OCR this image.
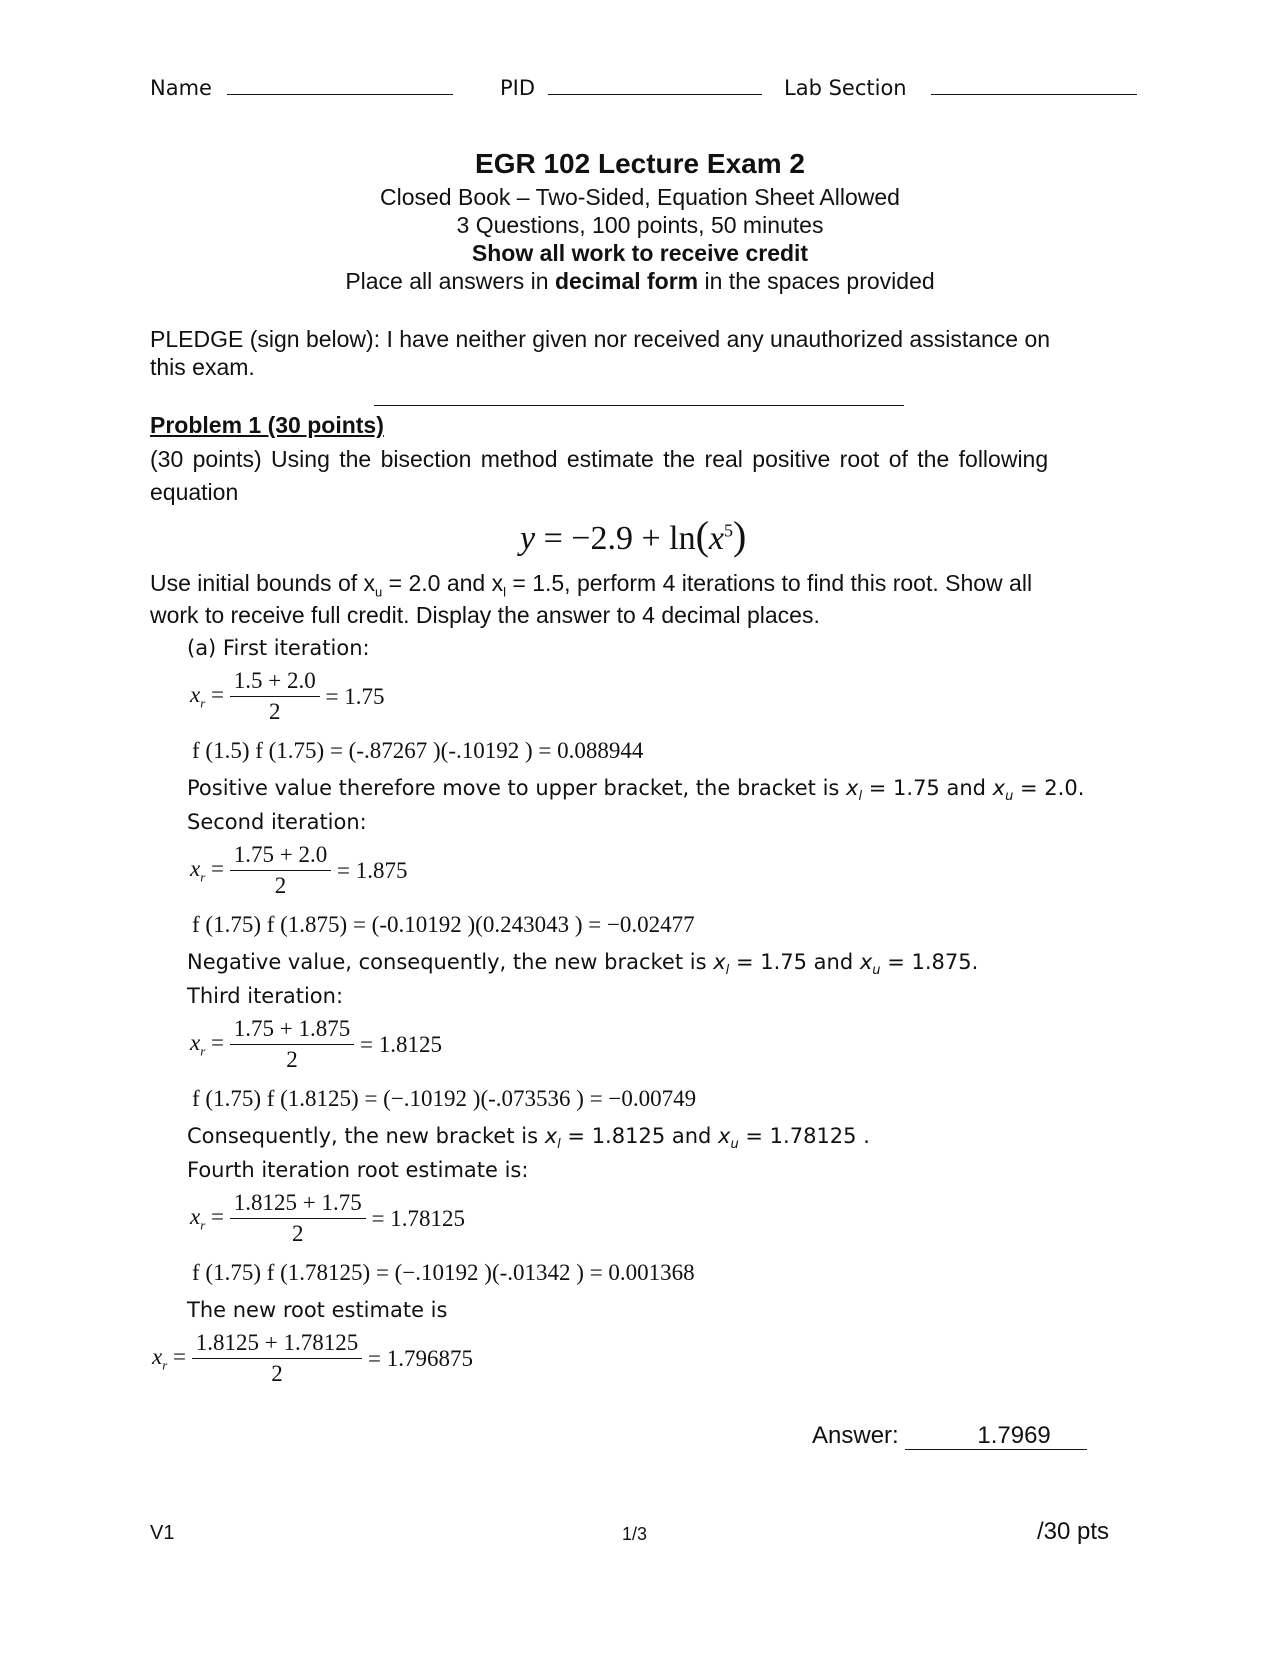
Name	PID	Lab Section
EGR 102 Lecture Exam 2
Closed Book – Two-Sided, Equation Sheet Allowed
3 Questions, 100 points, 50 minutes
Show all work to receive credit
Place all answers in decimal form in the spaces provided
PLEDGE (sign below): I have neither given nor received any unauthorized assistance on
this exam.
Problem 1 (30 points)
(30 points) Using the bisection method estimate the real positive root of the following
equation
$y = -2.9 + \ln(x^5)$
Use initial bounds of $x_u = 2.0$ and $x_l = 1.5$, perform 4 iterations to find this root. Show all
work to receive full credit. Display the answer to 4 decimal places.
(a) First iteration:
$x_r = \frac{1.5 + 2.0}{2} = 1.75$
f (1.5) f (1.75) = (-.87267 )(-.10192 ) = 0.088944
Positive value therefore move to upper bracket, the bracket is $x_l = 1.75$ and $x_u = 2.0$.
Second iteration:
$x_r = \frac{1.75 + 2.0}{2} = 1.875$
f (1.75) f (1.875) = (-0.10192 )(0.243043 ) = −0.02477
Negative value, consequently, the new bracket is $x_l = 1.75$ and $x_u = 1.875$.
Third iteration:
$x_r = \frac{1.75 + 1.875}{2} = 1.8125$
f (1.75) f (1.8125) = (−.10192 )(-.073536 ) = −0.00749
Consequently, the new bracket is $x_l = 1.8125$ and $x_u = 1.78125$ .
Fourth iteration root estimate is:
$x_r = \frac{1.8125 + 1.75}{2} = 1.78125$
f (1.75) f (1.78125) = (−.10192 )(-.01342 ) = 0.001368
The new root estimate is
$x_r = \frac{1.8125 + 1.78125}{2} = 1.796875$
Answer:	1.7969
V1	1/3	/30 pts
